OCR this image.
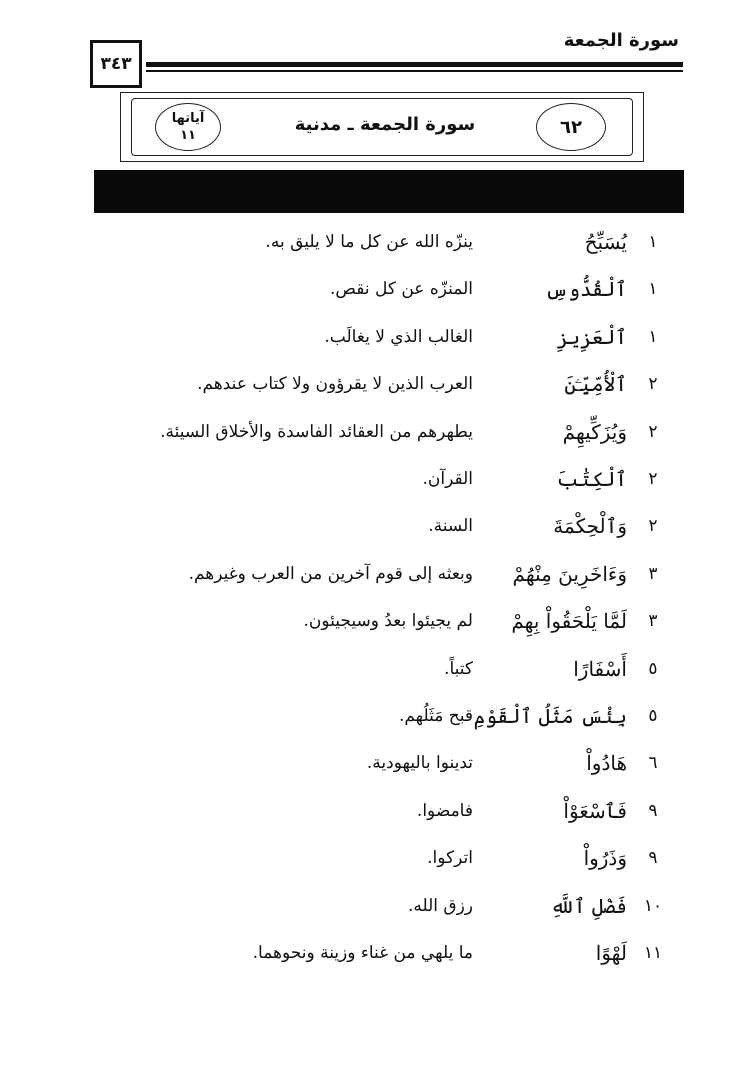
سورة الجمعة
٣٤٣
٦٢
سورة الجمعة ـ مدنية
آياتها
١١
١
يُسَبِّحُ
ينزّه الله عن كل ما لا يليق به.
١
ٱلْقُدُّوسِ
المنزّه عن كل نقص.
١
ٱلْعَزِيزِ
الغالب الذي لا يغالَب.
٢
ٱلْأُمِّيِّـۧنَ
العرب الذين لا يقرؤون ولا كتاب عندهم.
٢
وَيُزَكِّيهِمْ
يطهرهم من العقائد الفاسدة والأخلاق السيئة.
٢
ٱلْكِتَٰبَ
القرآن.
٢
وَٱلْحِكْمَةَ
السنة.
٣
وَءَاخَرِينَ مِنْهُمْ
وبعثه إلى قوم آخرين من العرب وغيرهم.
٣
لَمَّا يَلْحَقُواْ بِهِمْ
لم يجيئوا بعدُ وسيجيئون.
٥
أَسْفَارًا
كتباً.
٥
بِئْسَ مَثَلُ ٱلْقَوْمِ
قبح مَثَلُهم.
٦
هَادُواْ
تدينوا باليهودية.
٩
فَٱسْعَوْاْ
فامضوا.
٩
وَذَرُواْ
اتركوا.
١٠
فَضْلِ ٱللَّهِ
رزق الله.
١١
لَهْوًا
ما يلهي من غناء وزينة ونحوهما.
